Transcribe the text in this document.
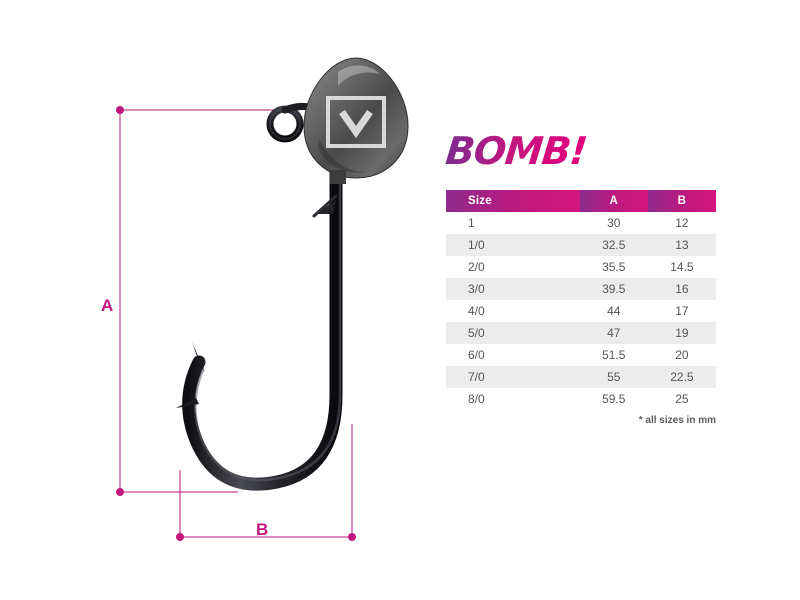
A
B
BOMB!
Size	A	B
1	30	12
1/0	32.5	13
2/0	35.5	14.5
3/0	39.5	16
4/0	44	17
5/0	47	19
6/0	51.5	20
7/0	55	22.5
8/0	59.5	25
* all sizes in mm
